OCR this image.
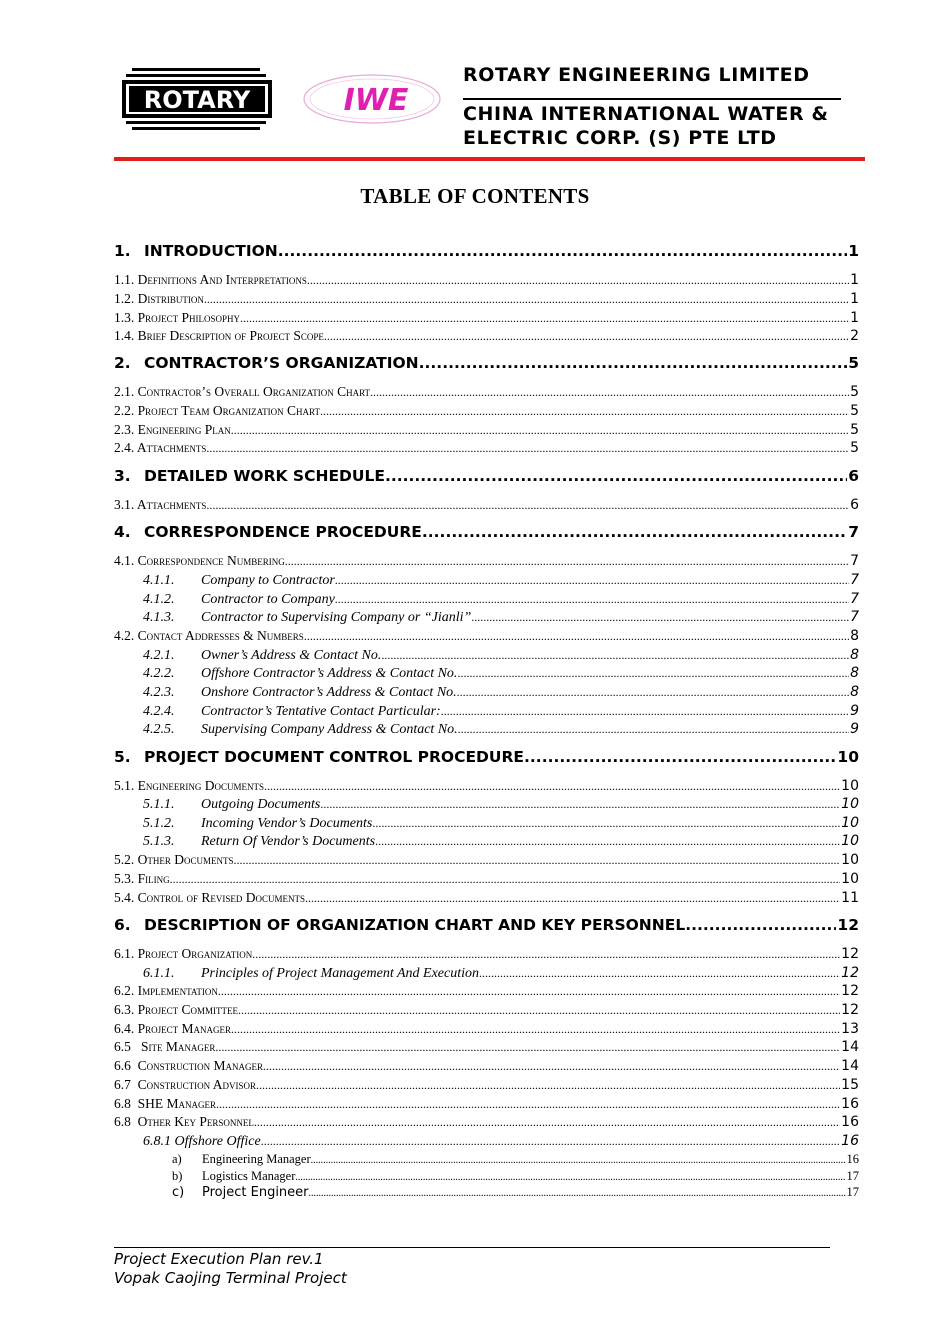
ROTARY	IWE
ROTARY ENGINEERING LIMITED
CHINA INTERNATIONAL WATER &
ELECTRIC CORP. (S) PTE LTD
TABLE OF CONTENTS
1. INTRODUCTION .....	1
1.1. Definitions And Interpretations .....	1
1.2. Distribution .....	1
1.3. Project Philosophy .....	1
1.4. Brief Description of Project Scope .....	2
2. CONTRACTOR’S ORGANIZATION .....	5
2.1. Contractor’s Overall Organization Chart .....	5
2.2. Project Team Organization Chart .....	5
2.3. Engineering Plan .....	5
2.4. Attachments .....	5
3. DETAILED WORK SCHEDULE .....	6
3.1. Attachments .....	6
4. CORRESPONDENCE PROCEDURE .....	7
4.1. Correspondence Numbering .....	7
4.1.1. Company to Contractor .....	7
4.1.2. Contractor to Company .....	7
4.1.3. Contractor to Supervising Company or “Jianli” .....	7
4.2. Contact Addresses & Numbers .....	8
4.2.1. Owner’s Address & Contact No. .....	8
4.2.2. Offshore Contractor’s Address & Contact No. .....	8
4.2.3. Onshore Contractor’s Address & Contact No. .....	8
4.2.4. Contractor’s Tentative Contact Particular: .....	9
4.2.5. Supervising Company Address & Contact No. .....	9
5. PROJECT DOCUMENT CONTROL PROCEDURE .....	10
5.1. Engineering Documents .....	10
5.1.1. Outgoing Documents .....	10
5.1.2. Incoming Vendor’s Documents .....	10
5.1.3. Return Of Vendor’s Documents .....	10
5.2. Other Documents .....	10
5.3. Filing .....	10
5.4. Control of Revised Documents .....	11
6. DESCRIPTION OF ORGANIZATION CHART AND KEY PERSONNEL .....	12
6.1. Project Organization .....	12
6.1.1. Principles of Project Management And Execution .....	12
6.2. Implementation .....	12
6.3. Project Committee .....	12
6.4. Project Manager .....	13
6.5   Site Manager .....	14
6.6  Construction Manager .....	14
6.7  Construction Advisor .....	15
6.8  SHE Manager .....	16
6.8  Other Key Personnel .....	16
6.8.1 Offshore Office .....	16
a) Engineering Manager .....	16
b) Logistics Manager .....	17
c) Project Engineer .....	17
Project Execution Plan rev.1
Vopak Caojing Terminal Project
